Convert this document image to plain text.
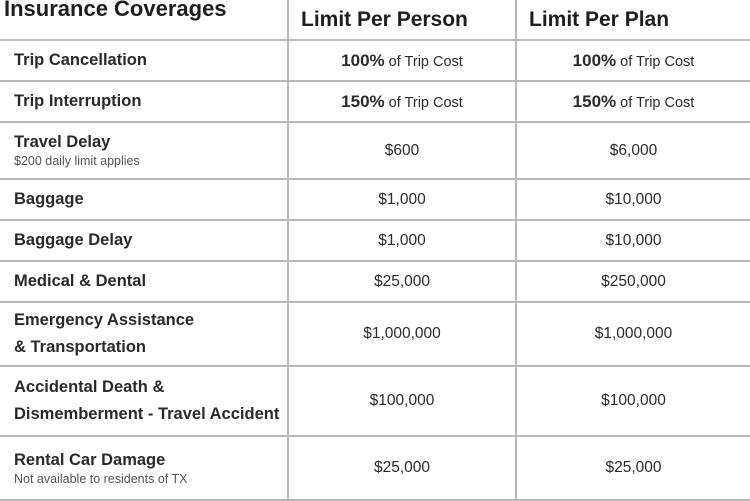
Insurance Coverages	Limit Per Person	Limit Per Plan
Trip Cancellation	100% of Trip Cost	100% of Trip Cost
Trip Interruption	150% of Trip Cost	150% of Trip Cost
Travel Delay
$200 daily limit applies	$600	$6,000
Baggage	$1,000	$10,000
Baggage Delay	$1,000	$10,000
Medical & Dental	$25,000	$250,000
Emergency Assistance
& Transportation	$1,000,000	$1,000,000
Accidental Death &
Dismemberment - Travel Accident	$100,000	$100,000
Rental Car Damage
Not available to residents of TX	$25,000	$25,000
